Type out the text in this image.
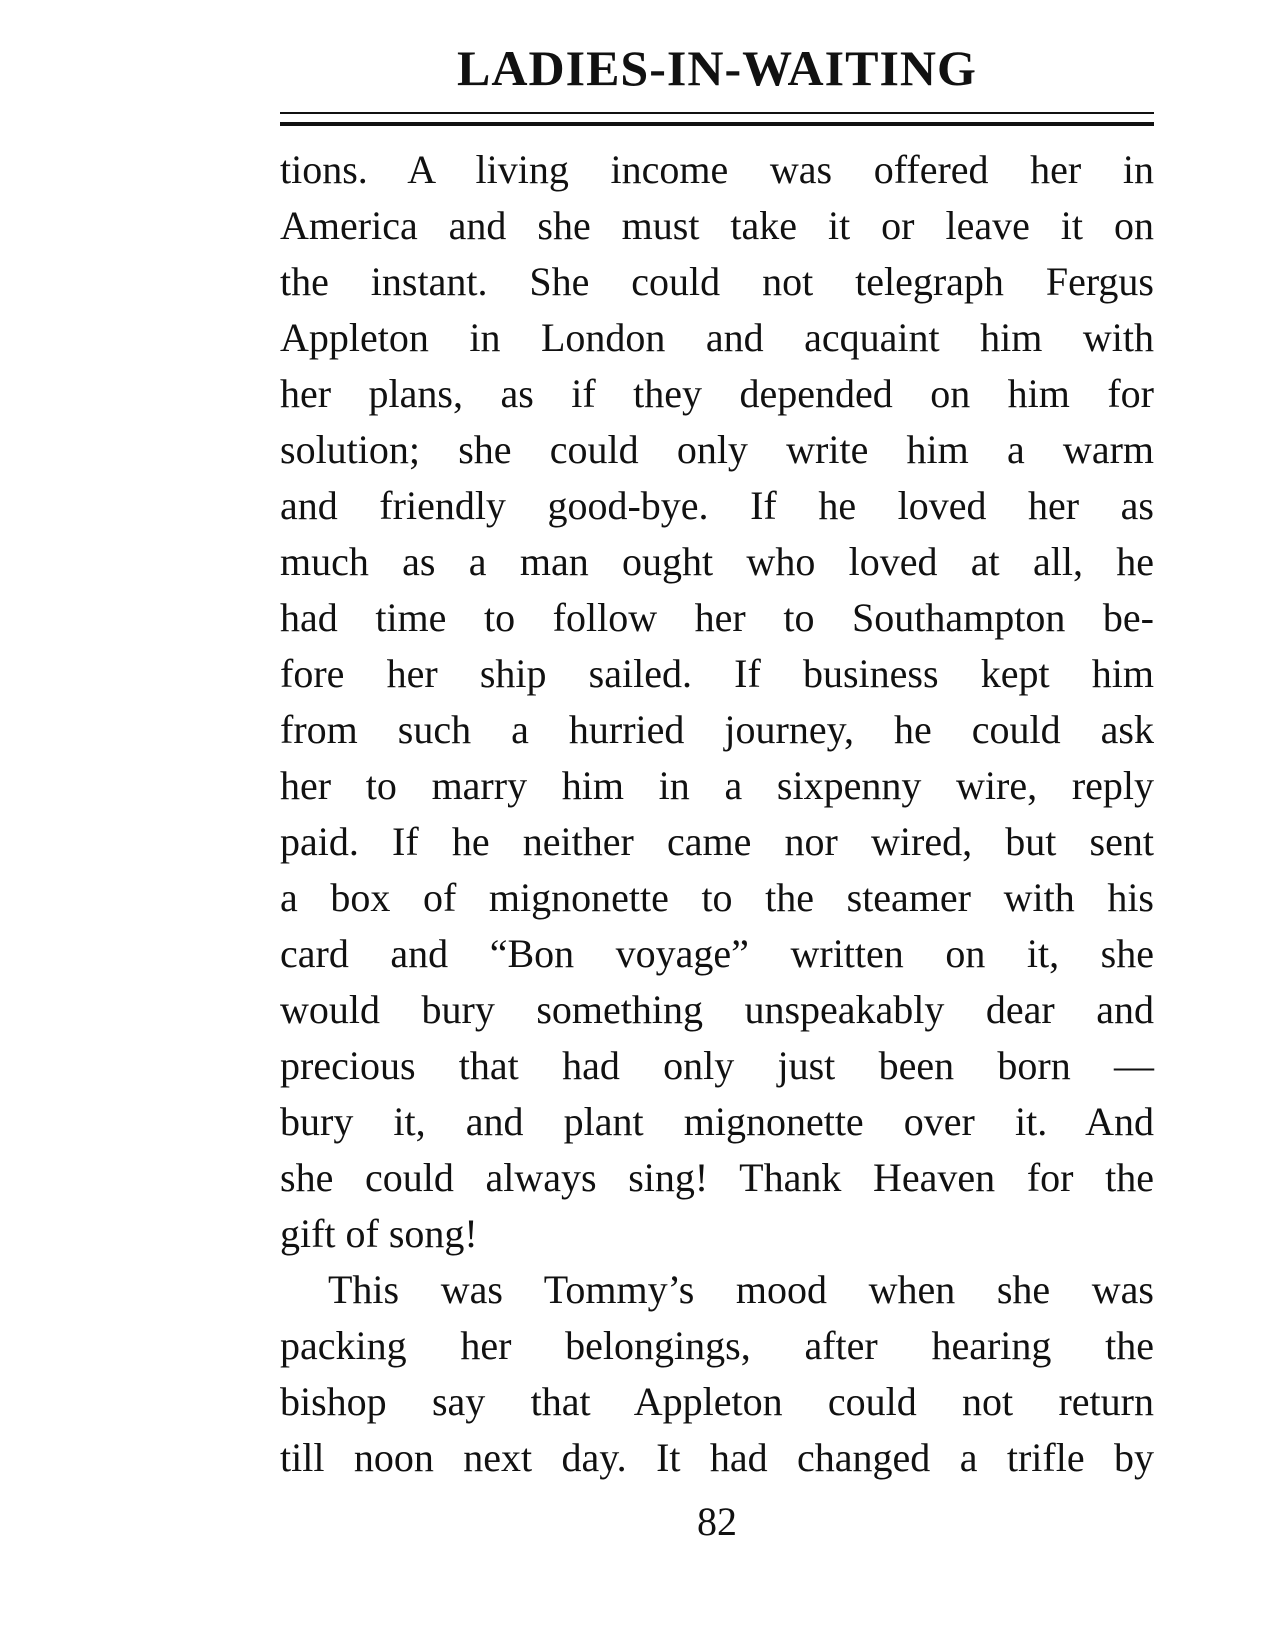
LADIES-IN-WAITING
tions. A living income was offered her in
America and she must take it or leave it on
the instant. She could not telegraph Fergus
Appleton in London and acquaint him with
her plans, as if they depended on him for
solution; she could only write him a warm
and friendly good-bye. If he loved her as
much as a man ought who loved at all, he
had time to follow her to Southampton be-
fore her ship sailed. If business kept him
from such a hurried journey, he could ask
her to marry him in a sixpenny wire, reply
paid. If he neither came nor wired, but sent
a box of mignonette to the steamer with his
card and “Bon voyage” written on it, she
would bury something unspeakably dear and
precious that had only just been born —
bury it, and plant mignonette over it. And
she could always sing! Thank Heaven for the
gift of song!
This was Tommy’s mood when she was
packing her belongings, after hearing the
bishop say that Appleton could not return
till noon next day. It had changed a trifle by
82
